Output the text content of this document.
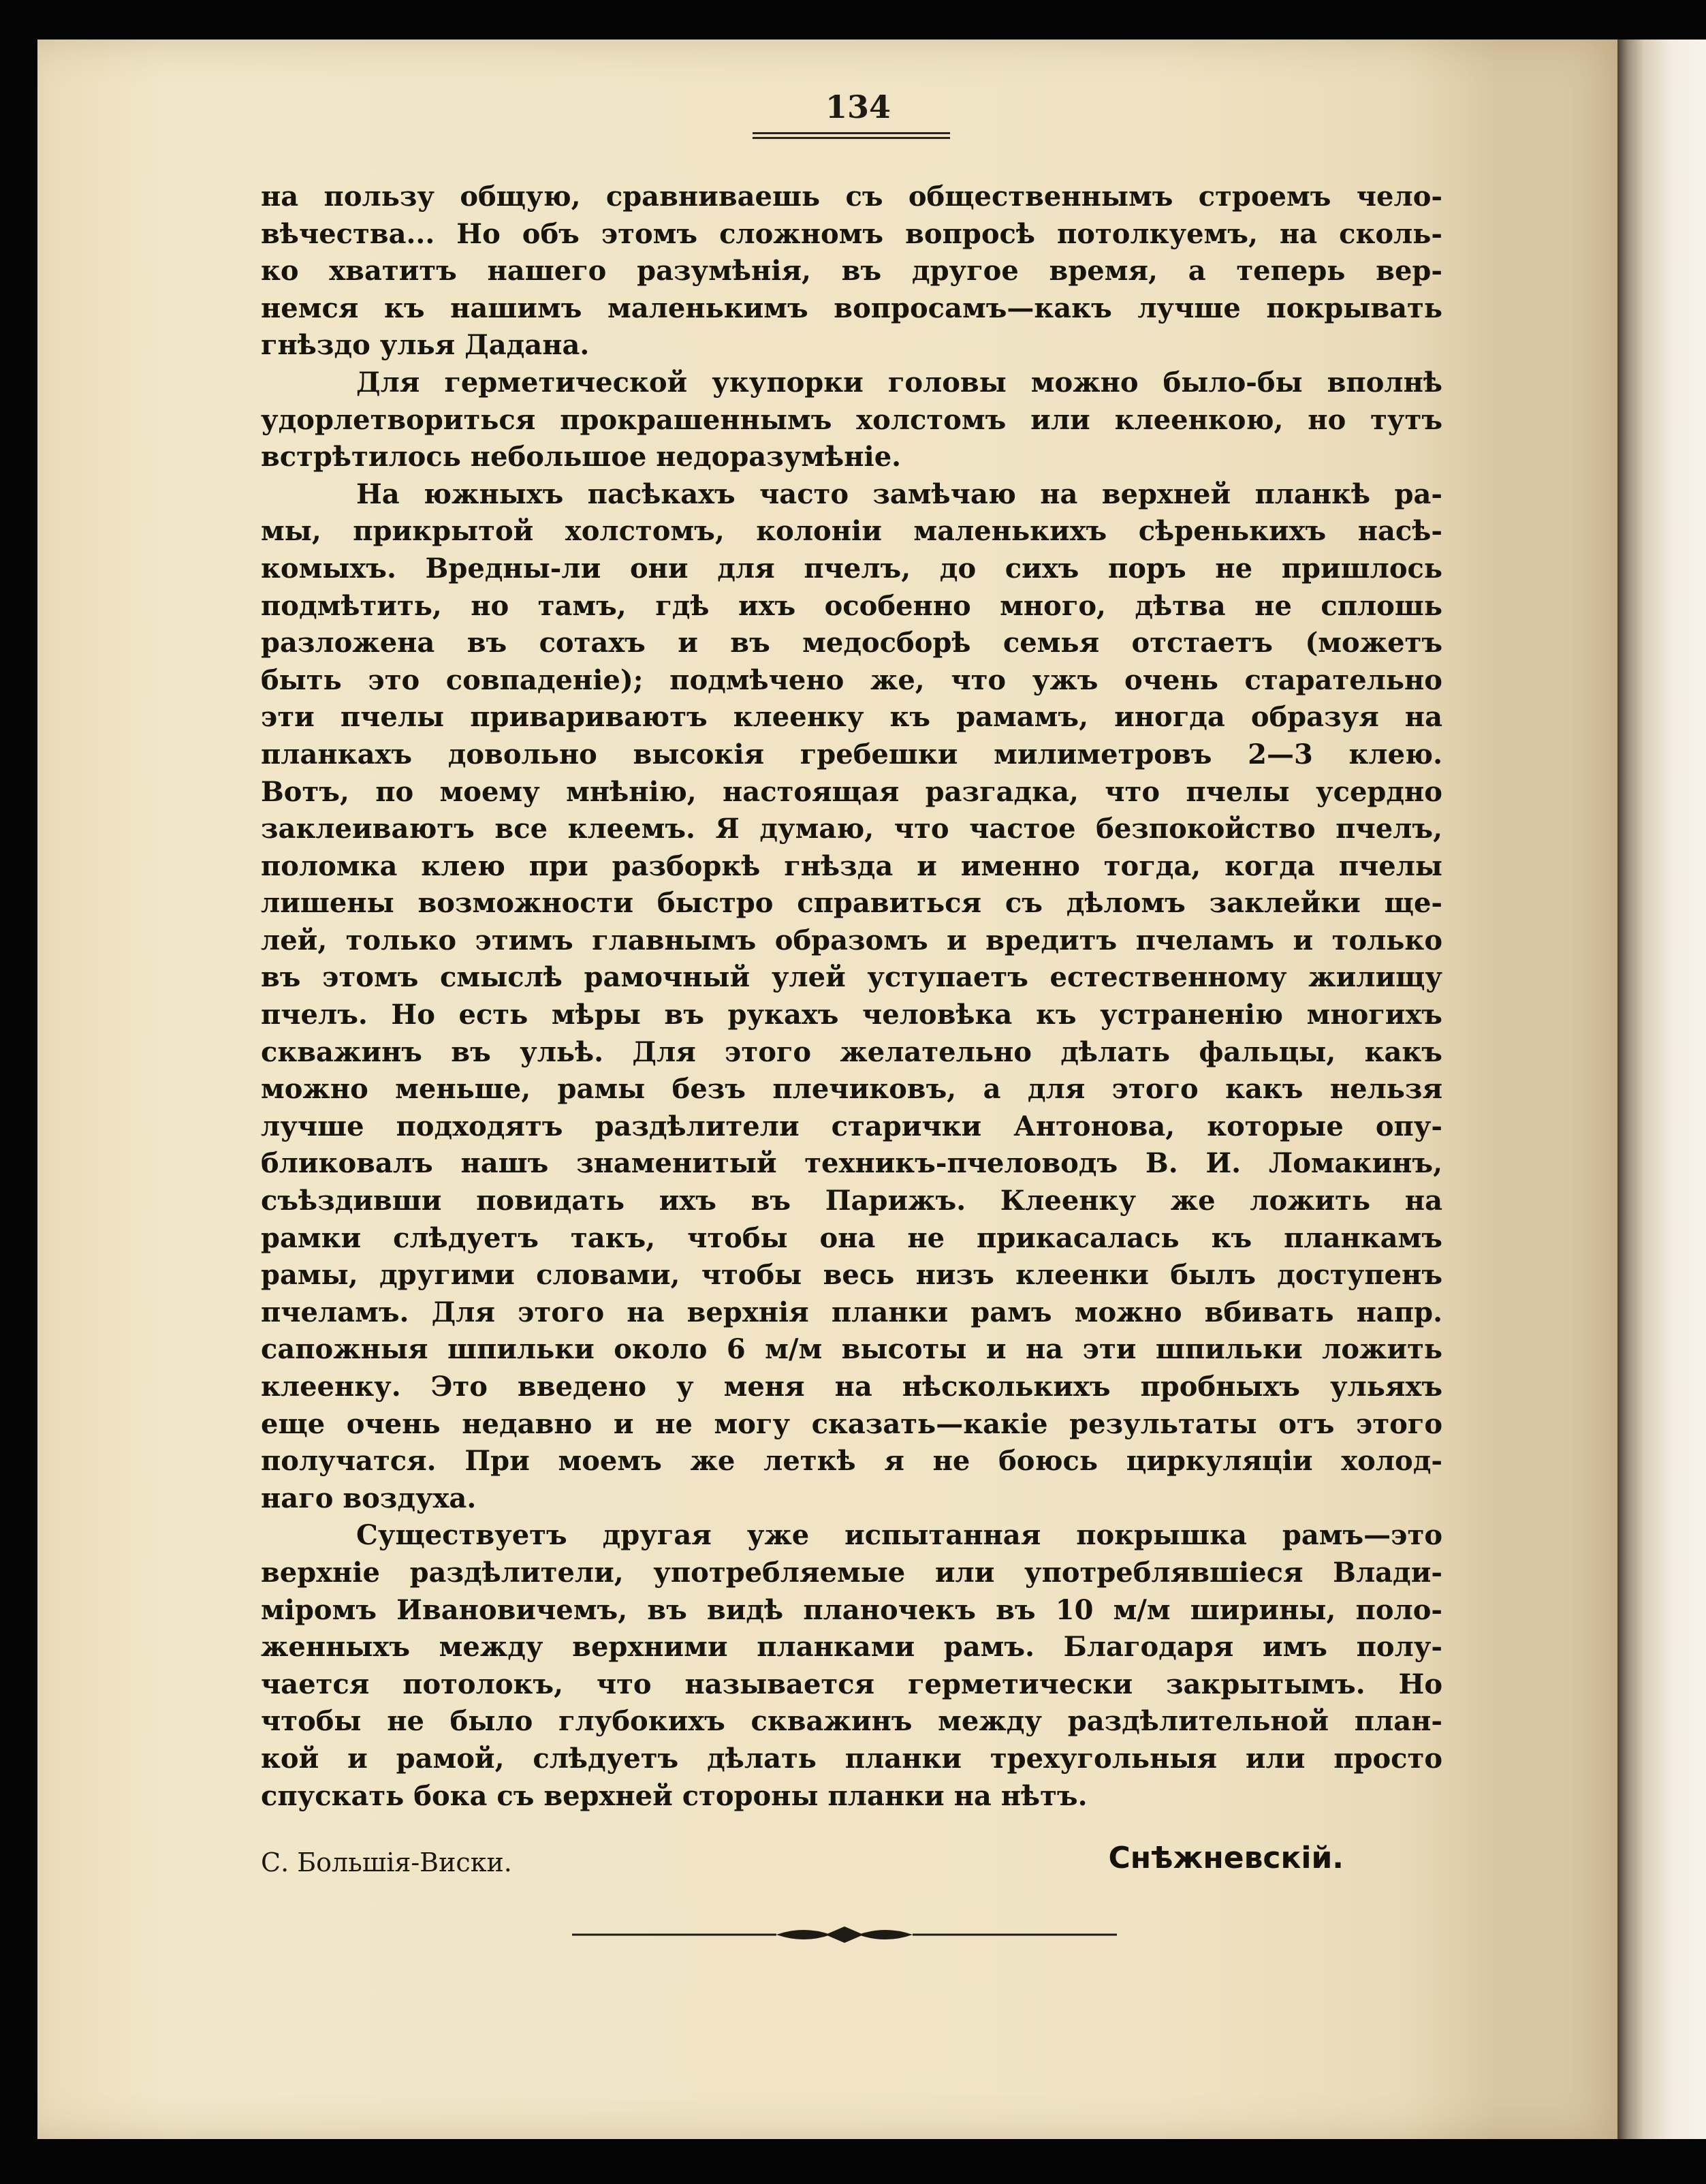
134
на пользу общую, сравниваешь съ общественнымъ строемъ чело-
вѣчества... Но объ этомъ сложномъ вопросѣ потолкуемъ, на сколь-
ко хватитъ нашего разумѣнія, въ другое время, а теперь вер-
немся къ нашимъ маленькимъ вопросамъ—какъ лучше покрывать
гнѣздо улья Дадана.
Для герметической укупорки головы можно было-бы вполнѣ
удорлетвориться прокрашеннымъ холстомъ или клеенкою, но тутъ
встрѣтилось небольшое недоразумѣніе.
На южныхъ пасѣкахъ часто замѣчаю на верхней планкѣ ра-
мы, прикрытой холстомъ, колоніи маленькихъ сѣренькихъ насѣ-
комыхъ. Вредны-ли они для пчелъ, до сихъ поръ не пришлось
подмѣтить, но тамъ, гдѣ ихъ особенно много, дѣтва не сплошь
разложена въ сотахъ и въ медосборѣ семья отстаетъ (можетъ
быть это совпаденіе); подмѣчено же, что ужъ очень старательно
эти пчелы привариваютъ клеенку къ рамамъ, иногда образуя на
планкахъ довольно высокія гребешки милиметровъ 2—3 клею.
Вотъ, по моему мнѣнію, настоящая разгадка, что пчелы усердно
заклеиваютъ все клеемъ. Я думаю, что частое безпокойство пчелъ,
поломка клею при разборкѣ гнѣзда и именно тогда, когда пчелы
лишены возможности быстро справиться съ дѣломъ заклейки ще-
лей, только этимъ главнымъ образомъ и вредитъ пчеламъ и только
въ этомъ смыслѣ рамочный улей уступаетъ естественному жилищу
пчелъ. Но есть мѣры въ рукахъ человѣка къ устраненію многихъ
скважинъ въ ульѣ. Для этого желательно дѣлать фальцы, какъ
можно меньше, рамы безъ плечиковъ, а для этого какъ нельзя
лучше подходятъ раздѣлители старички Антонова, которые опу-
бликовалъ нашъ знаменитый техникъ-пчеловодъ В. И. Ломакинъ,
съѣздивши повидать ихъ въ Парижъ. Клеенку же ложить на
рамки слѣдуетъ такъ, чтобы она не прикасалась къ планкамъ
рамы, другими словами, чтобы весь низъ клеенки былъ доступенъ
пчеламъ. Для этого на верхнія планки рамъ можно вбивать напр.
сапожныя шпильки около 6 м/м высоты и на эти шпильки ложить
клеенку. Это введено у меня на нѣсколькихъ пробныхъ ульяхъ
еще очень недавно и не могу сказать—какіе результаты отъ этого
получатся. При моемъ же леткѣ я не боюсь циркуляціи холод-
наго воздуха.
Существуетъ другая уже испытанная покрышка рамъ—это
верхніе раздѣлители, употребляемые или употреблявшіеся Влади-
міромъ Ивановичемъ, въ видѣ планочекъ въ 10 м/м ширины, поло-
женныхъ между верхними планками рамъ. Благодаря имъ полу-
чается потолокъ, что называется герметически закрытымъ. Но
чтобы не было глубокихъ скважинъ между раздѣлительной план-
кой и рамой, слѣдуетъ дѣлать планки трехугольныя или просто
спускать бока съ верхней стороны планки на нѣтъ.
С. Большія-Виски.	Снѣжневскій.
